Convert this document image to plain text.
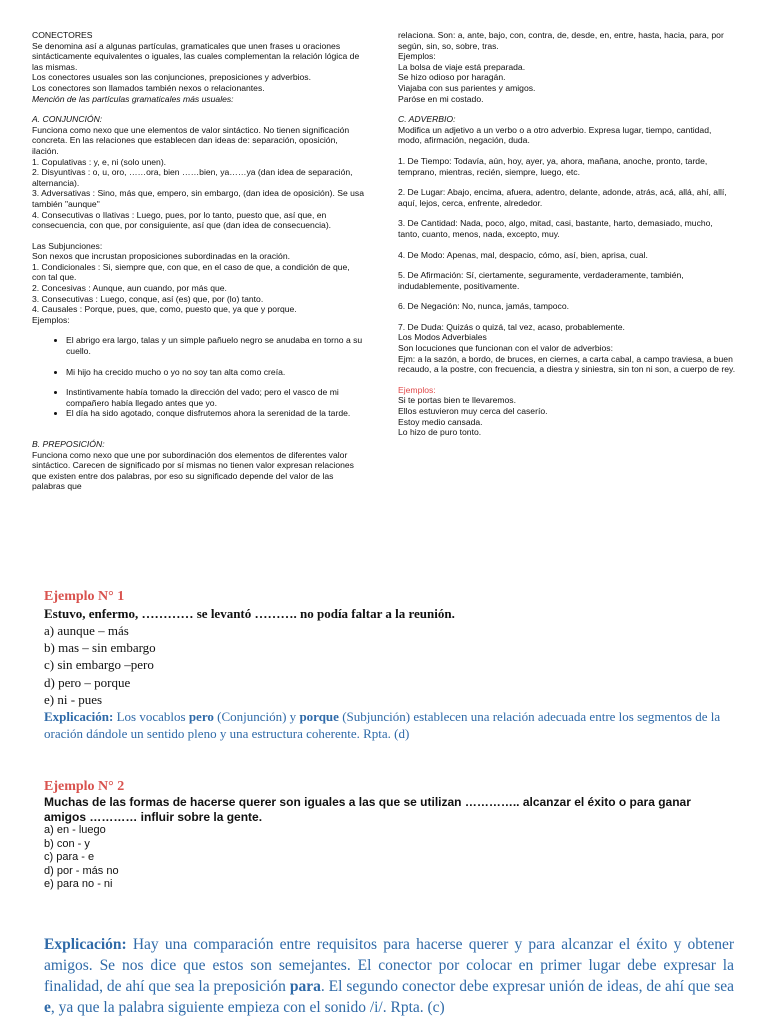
CONECTORES

Se denomina así a algunas partículas, gramaticales que unen frases u oraciones sintácticamente equivalentes o iguales, las cuales complementan la relación lógica de las mismas.

Los conectores usuales son las conjunciones, preposiciones y adverbios.

Los conectores son llamados también nexos o relacionantes.

Mención de las partículas gramaticales más usuales:

A. CONJUNCIÓN:

Funciona como nexo que une elementos de valor sintáctico. No tienen significación concreta. En las relaciones que establecen dan ideas de: separación, oposición, ilación.

1. Copulativas : y, e, ni (solo unen).

2. Disyuntivas : o, u, oro, ……ora, bien ……bien, ya……ya (dan idea de separación, alternancia).

3. Adversativas : Sino, más que, empero, sin embargo, (dan idea de oposición). Se usa también "aunque"

4. Consecutivas o Ilativas : Luego, pues, por lo tanto, puesto que, así que, en consecuencia, con que, por consiguiente, así que (dan idea de consecuencia).

Las Subjunciones:

Son nexos que incrustan proposiciones subordinadas en la oración.

1. Condicionales : Si, siempre que, con que, en el caso de que, a condición de que, con tal que.

2. Concesivas : Aunque, aun cuando, por más que.

3. Consecutivas : Luego, conque, así (es) que, por (lo) tanto.

4. Causales : Porque, pues, que, como, puesto que, ya que y porque.

Ejemplos:

• El abrigo era largo, talas y un simple pañuelo negro se anudaba en torno a su cuello.
• Mi hijo ha crecido mucho o yo no soy tan alta como creía.
• Instintivamente había tomado la dirección del vado; pero el vasco de mi compañero había llegado antes que yo.
• El día ha sido agotado, conque disfrutemos ahora la serenidad de la tarde.

B. PREPOSICIÓN:

Funciona como nexo que une por subordinación dos elementos de diferentes valor sintáctico. Carecen de significado por sí mismas no tienen valor expresan relaciones que existen entre dos palabras, por eso su significado depende del valor de las palabras que

relaciona. Son: a, ante, bajo, con, contra, de, desde, en, entre, hasta, hacia, para, por según, sin, so, sobre, tras.

Ejemplos:

La bolsa de viaje está preparada.

Se hizo odioso por haragán.

Viajaba con sus parientes y amigos.

Paróse en mi costado.

C. ADVERBIO:

Modifica un adjetivo a un verbo o a otro adverbio. Expresa lugar, tiempo, cantidad, modo, afirmación, negación, duda.

1. De Tiempo: Todavía, aún, hoy, ayer, ya, ahora, mañana, anoche, pronto, tarde, temprano, mientras, recién, siempre, luego, etc.

2. De Lugar: Abajo, encima, afuera, adentro, delante, adonde, atrás, acá, allá, ahí, allí, aquí, lejos, cerca, enfrente, alrededor.

3. De Cantidad: Nada, poco, algo, mitad, casi, bastante, harto, demasiado, mucho, tanto, cuanto, menos, nada, excepto, muy.

4. De Modo: Apenas, mal, despacio, cómo, así, bien, aprisa, cual.

5. De Afirmación: Sí, ciertamente, seguramente, verdaderamente, también, indudablemente, positivamente.

6. De Negación: No, nunca, jamás, tampoco.

7. De Duda: Quizás o quizá, tal vez, acaso, probablemente.

Los Modos Adverbiales

Son locuciones que funcionan con el valor de adverbios:

Ejm: a la sazón, a bordo, de bruces, en ciernes, a carta cabal, a campo traviesa, a buen recaudo, a la postre, con frecuencia, a diestra y siniestra, sin ton ni son, a cuerpo de rey.

Ejemplos:

Si te portas bien te llevaremos.

Ellos estuvieron muy cerca del caserío.

Estoy medio cansada.

Lo hizo de puro tonto.

Ejemplo N° 1

Estuvo, enfermo, ………… se levantó ………. no podía faltar a la reunión.

a) aunque – más

b) mas – sin embargo

c) sin embargo –pero

d) pero – porque

e) ni - pues

Explicación: Los vocablos pero (Conjunción) y porque (Subjunción) establecen una relación adecuada entre los segmentos de la oración dándole un sentido pleno y una estructura coherente. Rpta. (d)

Ejemplo N° 2

Muchas de las formas de hacerse querer son iguales a las que se utilizan ………….. alcanzar el éxito o para ganar amigos ………… influir sobre la gente.

a) en - luego

b) con - y

c) para - e

d) por - más no

e) para no - ni

Explicación: Hay una comparación entre requisitos para hacerse querer y para alcanzar el éxito y obtener amigos. Se nos dice que estos son semejantes. El conector por colocar en primer lugar debe expresar la finalidad, de ahí que sea la preposición para. El segundo conector debe expresar unión de ideas, de ahí que sea e, ya que la palabra siguiente empieza con el sonido /i/. Rpta. (c)
